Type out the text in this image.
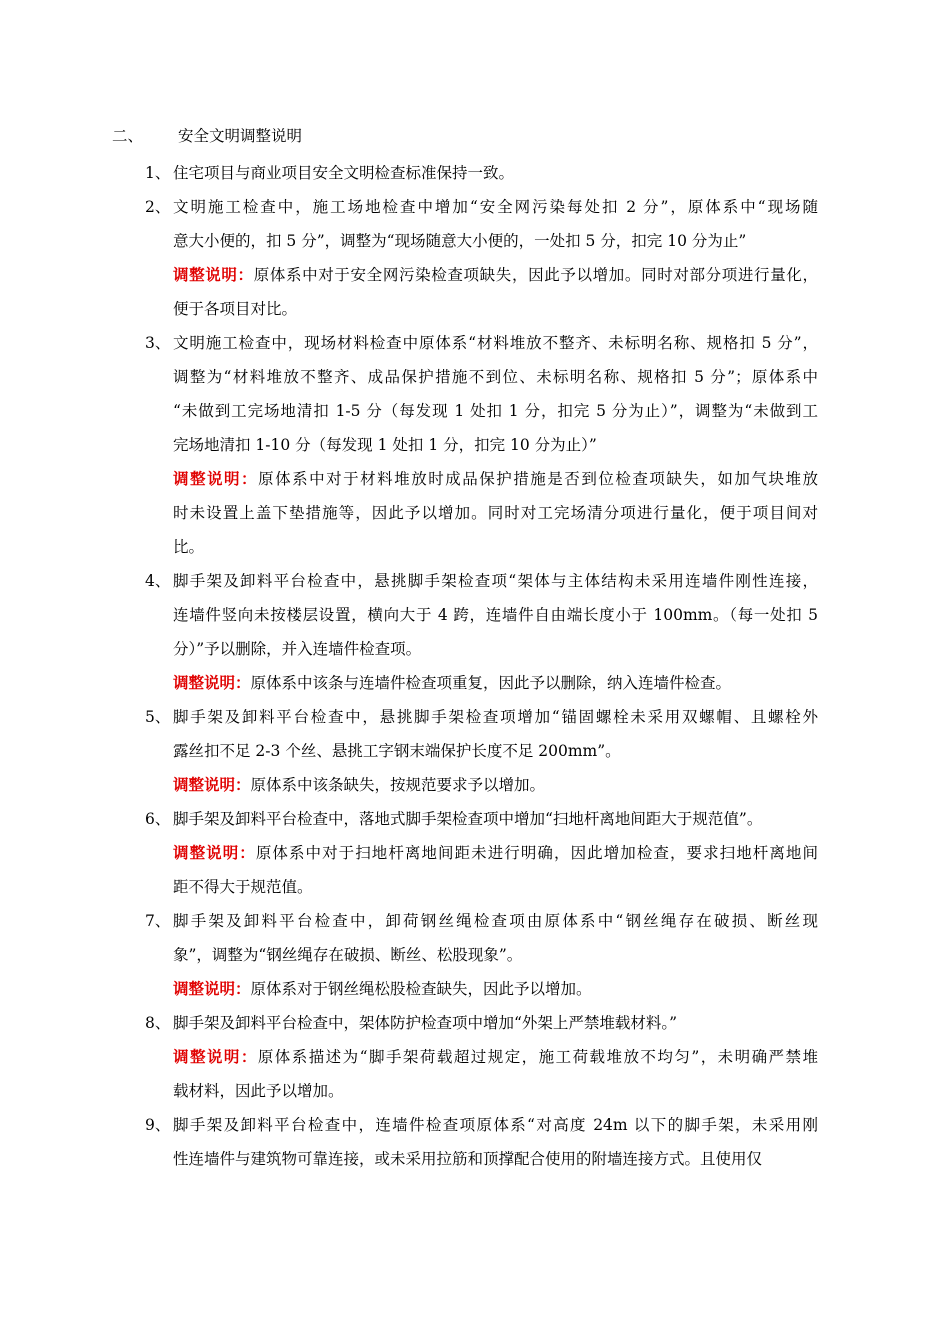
二、 安全文明调整说明
1、 住宅项目与商业项目安全文明检查标准保持一致。
2、 文明施工检查中，施工场地检查中增加“安全网污染每处扣 2 分”，原体系中“现场随
意大小便的，扣 5 分”，调整为“现场随意大小便的，一处扣 5 分，扣完 10 分为止”
调整说明：原体系中对于安全网污染检查项缺失，因此予以增加。同时对部分项进行量化，
便于各项目对比。
3、 文明施工检查中，现场材料检查中原体系“材料堆放不整齐、未标明名称、规格扣 5 分”，
调整为“材料堆放不整齐、成品保护措施不到位、未标明名称、规格扣 5 分”；原体系中
“未做到工完场地清扣 1-5 分（每发现 1 处扣 1 分，扣完 5 分为止）”，调整为“未做到工
完场地清扣 1-10 分（每发现 1 处扣 1 分，扣完 10 分为止）”
调整说明：原体系中对于材料堆放时成品保护措施是否到位检查项缺失，如加气块堆放
时未设置上盖下垫措施等，因此予以增加。同时对工完场清分项进行量化，便于项目间对
比。
4、 脚手架及卸料平台检查中，悬挑脚手架检查项“架体与主体结构未采用连墙件刚性连接，
连墙件竖向未按楼层设置，横向大于 4 跨，连墙件自由端长度小于 100mm。（每一处扣 5
分）”予以删除，并入连墙件检查项。
调整说明：原体系中该条与连墙件检查项重复，因此予以删除，纳入连墙件检查。
5、 脚手架及卸料平台检查中，悬挑脚手架检查项增加“锚固螺栓未采用双螺帽、且螺栓外
露丝扣不足 2-3 个丝、悬挑工字钢末端保护长度不足 200mm”。
调整说明：原体系中该条缺失，按规范要求予以增加。
6、 脚手架及卸料平台检查中，落地式脚手架检查项中增加“扫地杆离地间距大于规范值”。
调整说明：原体系中对于扫地杆离地间距未进行明确，因此增加检查，要求扫地杆离地间
距不得大于规范值。
7、 脚手架及卸料平台检查中，卸荷钢丝绳检查项由原体系中“钢丝绳存在破损、断丝现
象”，调整为“钢丝绳存在破损、断丝、松股现象”。
调整说明：原体系对于钢丝绳松股检查缺失，因此予以增加。
8、 脚手架及卸料平台检查中，架体防护检查项中增加“外架上严禁堆载材料。”
调整说明：原体系描述为“脚手架荷载超过规定，施工荷载堆放不均匀”，未明确严禁堆
载材料，因此予以增加。
9、 脚手架及卸料平台检查中，连墙件检查项原体系“对高度 24m 以下的脚手架，未采用刚
性连墙件与建筑物可靠连接，或未采用拉筋和顶撑配合使用的附墙连接方式。且使用仅
